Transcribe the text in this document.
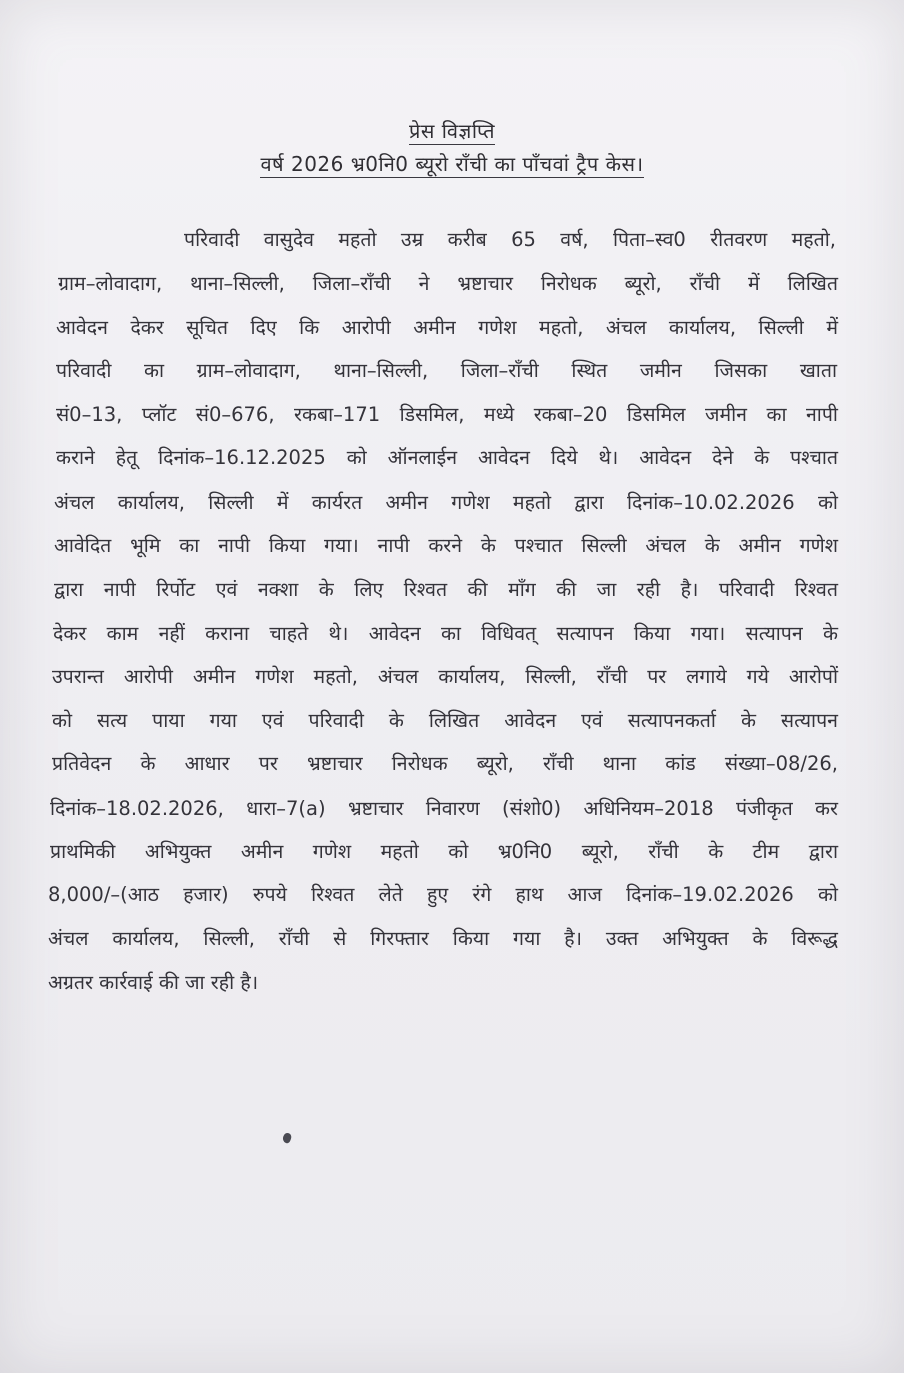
प्रेस विज्ञप्ति
वर्ष 2026 भ्र0नि0 ब्यूरो राँची का पाँचवां ट्रैप केस।
परिवादी वासुदेव महतो उम्र करीब 65 वर्ष, पिता–स्व0 रीतवरण महतो,
ग्राम–लोवादाग, थाना–सिल्ली, जिला–राँची ने भ्रष्टाचार निरोधक ब्यूरो, राँची में लिखित
आवेदन देकर सूचित दिए कि आरोपी अमीन गणेश महतो, अंचल कार्यालय, सिल्ली में
परिवादी का ग्राम–लोवादाग, थाना–सिल्ली, जिला–राँची स्थित जमीन जिसका खाता
सं0–13, प्लॉट सं0–676, रकबा–171 डिसमिल, मध्ये रकबा–20 डिसमिल जमीन का नापी
कराने हेतू दिनांक–16.12.2025 को ऑनलाईन आवेदन दिये थे। आवेदन देने के पश्चात
अंचल कार्यालय, सिल्ली में कार्यरत अमीन गणेश महतो द्वारा दिनांक–10.02.2026 को
आवेदित भूमि का नापी किया गया। नापी करने के पश्चात सिल्ली अंचल के अमीन गणेश
द्वारा नापी रिर्पोट एवं नक्शा के लिए रिश्वत की माँग की जा रही है। परिवादी रिश्वत
देकर काम नहीं कराना चाहते थे। आवेदन का विधिवत् सत्यापन किया गया। सत्यापन के
उपरान्त आरोपी अमीन गणेश महतो, अंचल कार्यालय, सिल्ली, राँची पर लगाये गये आरोपों
को सत्य पाया गया एवं परिवादी के लिखित आवेदन एवं सत्यापनकर्ता के सत्यापन
प्रतिवेदन के आधार पर भ्रष्टाचार निरोधक ब्यूरो, राँची थाना कांड संख्या–08/26,
दिनांक–18.02.2026, धारा–7(a) भ्रष्टाचार निवारण (संशो0) अधिनियम–2018 पंजीकृत कर
प्राथमिकी अभियुक्त अमीन गणेश महतो को भ्र0नि0 ब्यूरो, राँची के टीम द्वारा
8,000/–(आठ हजार) रुपये रिश्वत लेते हुए रंगे हाथ आज दिनांक–19.02.2026 को
अंचल कार्यालय, सिल्ली, राँची से गिरफ्तार किया गया है। उक्त अभियुक्त के विरूद्ध
अग्रतर कार्रवाई की जा रही है।
